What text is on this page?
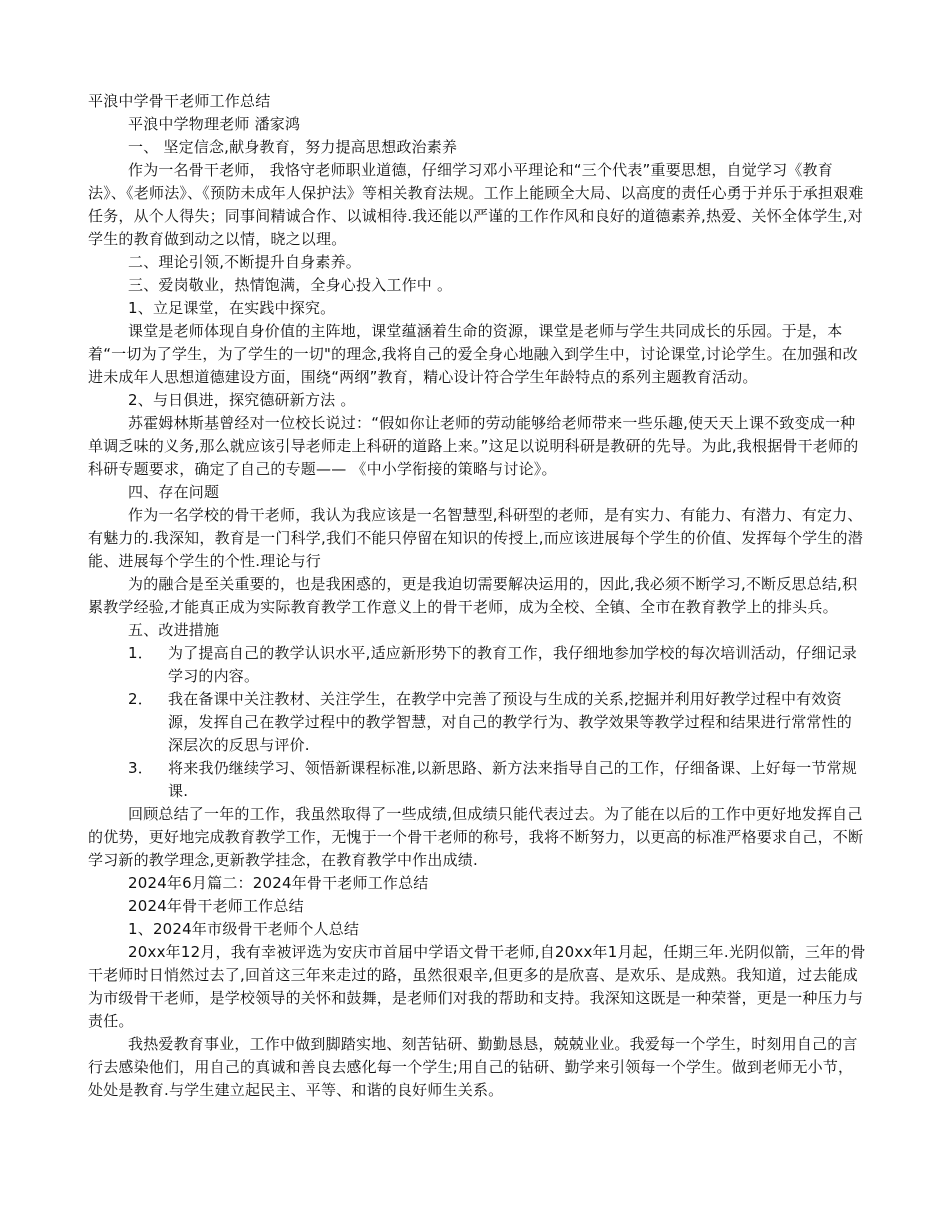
平浪中学骨干老师工作总结

平浪中学物理老师 潘家鸿

一、 坚定信念,献身教育，努力提高思想政治素养

作为一名骨干老师， 我恪守老师职业道德，仔细学习邓小平理论和“三个代表”重要思想，自觉学习《教育法》、《老师法》、《预防未成年人保护法》等相关教育法规。工作上能顾全大局、以高度的责任心勇于并乐于承担艰难任务，从个人得失；同事间精诚合作、以诚相待.我还能以严谨的工作作风和良好的道德素养,热爱、关怀全体学生,对学生的教育做到动之以情，晓之以理。

二、理论引领,不断提升自身素养。

三、爱岗敬业，热情饱满，全身心投入工作中 。

1、立足课堂，在实践中探究。

课堂是老师体现自身价值的主阵地，课堂蕴涵着生命的资源，课堂是老师与学生共同成长的乐园。于是，本着“一切为了学生，为了学生的一切"的理念,我将自己的爱全身心地融入到学生中，讨论课堂,讨论学生。在加强和改进未成年人思想道德建设方面，围绕“两纲”教育，精心设计符合学生年龄特点的系列主题教育活动。

2、与日俱进，探究德研新方法 。

苏霍姆林斯基曾经对一位校长说过：“假如你让老师的劳动能够给老师带来一些乐趣,使天天上课不致变成一种单调乏味的义务,那么就应该引导老师走上科研的道路上来。”这足以说明科研是教研的先导。为此,我根据骨干老师的科研专题要求，确定了自己的专题—— 《中小学衔接的策略与讨论》。

四、存在问题

作为一名学校的骨干老师，我认为我应该是一名智慧型,科研型的老师，是有实力、有能力、有潜力、有定力、有魅力的.我深知，教育是一门科学,我们不能只停留在知识的传授上,而应该进展每个学生的价值、发挥每个学生的潜能、进展每个学生的个性.理论与行

为的融合是至关重要的，也是我困惑的，更是我迫切需要解决运用的，因此,我必须不断学习,不断反思总结,积累教学经验,才能真正成为实际教育教学工作意义上的骨干老师，成为全校、全镇、全市在教育教学上的排头兵。

五、改进措施

1． 为了提高自己的教学认识水平,适应新形势下的教育工作，我仔细地参加学校的每次培训活动，仔细记录学习的内容。

2． 我在备课中关注教材、关注学生，在教学中完善了预设与生成的关系,挖掘并利用好教学过程中有效资源，发挥自己在教学过程中的教学智慧，对自己的教学行为、教学效果等教学过程和结果进行常常性的深层次的反思与评价.

3． 将来我仍继续学习、领悟新课程标准,以新思路、新方法来指导自己的工作，仔细备课、上好每一节常规课.

回顾总结了一年的工作，我虽然取得了一些成绩,但成绩只能代表过去。为了能在以后的工作中更好地发挥自己的优势，更好地完成教育教学工作，无愧于一个骨干老师的称号，我将不断努力，以更高的标准严格要求自己，不断学习新的教学理念,更新教学挂念，在教育教学中作出成绩.

2024年6月篇二：2024年骨干老师工作总结

2024年骨干老师工作总结

1、2024年市级骨干老师个人总结

20xx年12月，我有幸被评选为安庆市首届中学语文骨干老师,自20xx年1月起，任期三年.光阴似箭，三年的骨干老师时日悄然过去了,回首这三年来走过的路，虽然很艰辛,但更多的是欣喜、是欢乐、是成熟。我知道，过去能成为市级骨干老师，是学校领导的关怀和鼓舞，是老师们对我的帮助和支持。我深知这既是一种荣誉，更是一种压力与责任。

我热爱教育事业，工作中做到脚踏实地、刻苦钻研、勤勤恳恳，兢兢业业。我爱每一个学生，时刻用自己的言行去感染他们，用自己的真诚和善良去感化每一个学生;用自己的钻研、勤学来引领每一个学生。做到老师无小节，处处是教育.与学生建立起民主、平等、和谐的良好师生关系。
